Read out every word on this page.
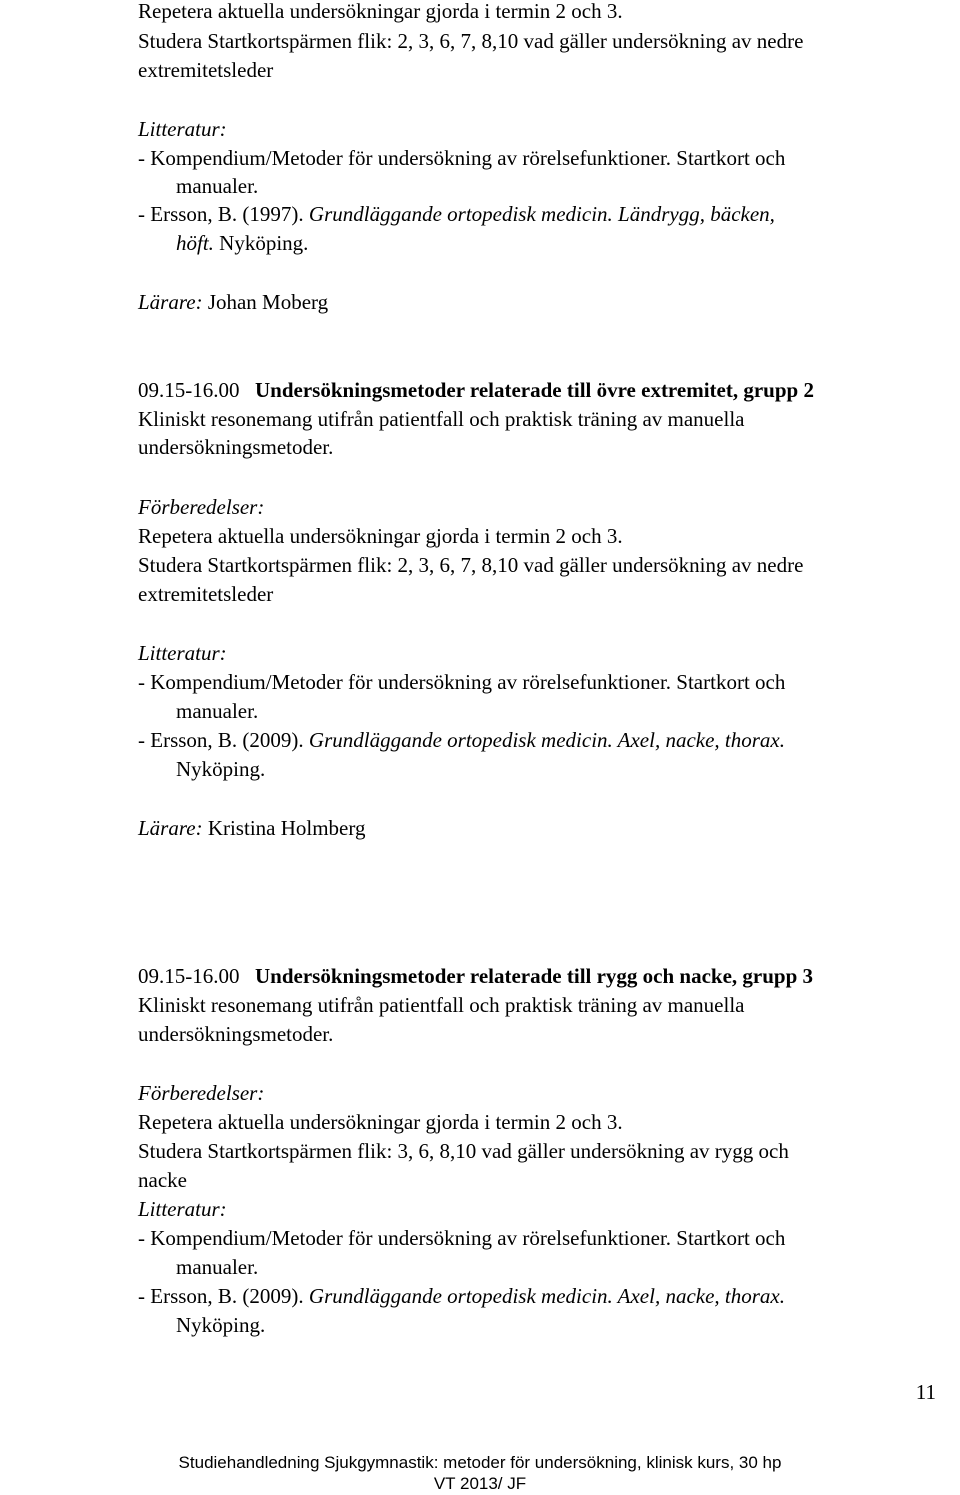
Repetera aktuella undersökningar gjorda i termin 2 och 3.
Studera Startkortspärmen flik: 2, 3, 6, 7, 8,10 vad gäller undersökning av nedre
extremitetsleder
Litteratur:
- Kompendium/Metoder för undersökning av rörelsefunktioner. Startkort och
manualer.
- Ersson, B. (1997). Grundläggande ortopedisk medicin. Ländrygg, bäcken,
höft. Nyköping.
Lärare: Johan Moberg
09.15-16.00 Undersökningsmetoder relaterade till övre extremitet, grupp 2
Kliniskt resonemang utifrån patientfall och praktisk träning av manuella
undersökningsmetoder.
Förberedelser:
Repetera aktuella undersökningar gjorda i termin 2 och 3.
Studera Startkortspärmen flik: 2, 3, 6, 7, 8,10 vad gäller undersökning av nedre
extremitetsleder
Litteratur:
- Kompendium/Metoder för undersökning av rörelsefunktioner. Startkort och
manualer.
- Ersson, B. (2009). Grundläggande ortopedisk medicin. Axel, nacke, thorax.
Nyköping.
Lärare: Kristina Holmberg
09.15-16.00 Undersökningsmetoder relaterade till rygg och nacke, grupp 3
Kliniskt resonemang utifrån patientfall och praktisk träning av manuella
undersökningsmetoder.
Förberedelser:
Repetera aktuella undersökningar gjorda i termin 2 och 3.
Studera Startkortspärmen flik: 3, 6, 8,10 vad gäller undersökning av rygg och
nacke
Litteratur:
- Kompendium/Metoder för undersökning av rörelsefunktioner. Startkort och
manualer.
- Ersson, B. (2009). Grundläggande ortopedisk medicin. Axel, nacke, thorax.
Nyköping.
11
Studiehandledning Sjukgymnastik: metoder för undersökning, klinisk kurs, 30 hp
VT 2013/ JF
